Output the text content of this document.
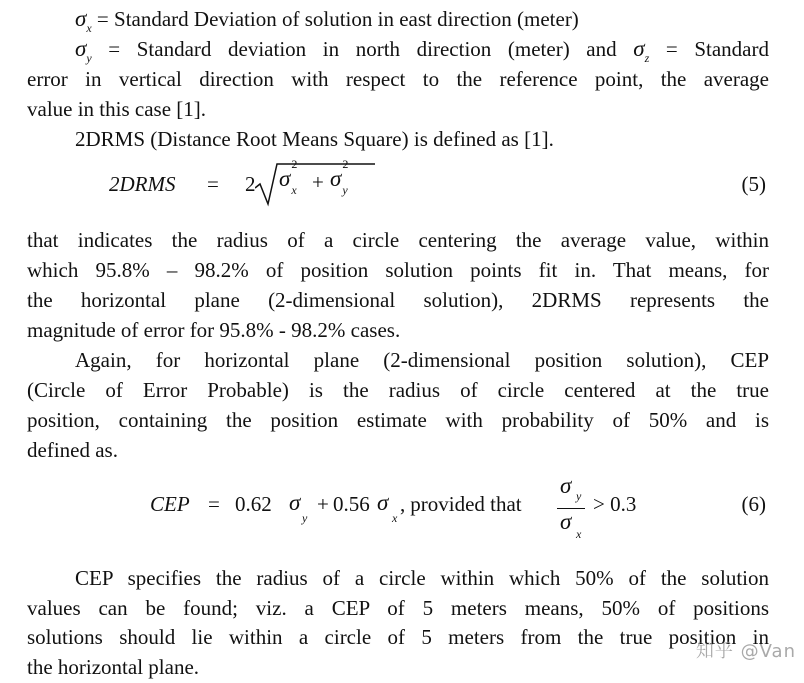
$\sigma_x$ = Standard Deviation of solution in east direction (meter)
$\sigma_y$ = Standard deviation in north direction (meter) and $\sigma_z$ = Standard
error in vertical direction with respect to the reference point, the average
value in this case [1].
2DRMS (Distance Root Means Square) is defined as [1].
2DRMS = 2 σ
2
x + σ
2
y	(5)
that indicates the radius of a circle centering the average value, within
which 95.8% – 98.2% of position solution points fit in. That means, for
the horizontal plane (2-dimensional solution), 2DRMS represents the
magnitude of error for 95.8% - 98.2% cases.
Again, for horizontal plane (2-dimensional position solution), CEP
(Circle of Error Probable) is the radius of circle centered at the true
position, containing the position estimate with probability of 50% and is
defined as.
CEP = 0.62 σ
y
+ 0.56 σ
x
, provided that
σ y
σ x
> 0.3	(6)
CEP specifies the radius of a circle within which 50% of the solution
values can be found; viz. a CEP of 5 meters means, 50% of positions
solutions should lie within a circle of 5 meters from the true position in
the horizontal plane.
知乎 @Van
